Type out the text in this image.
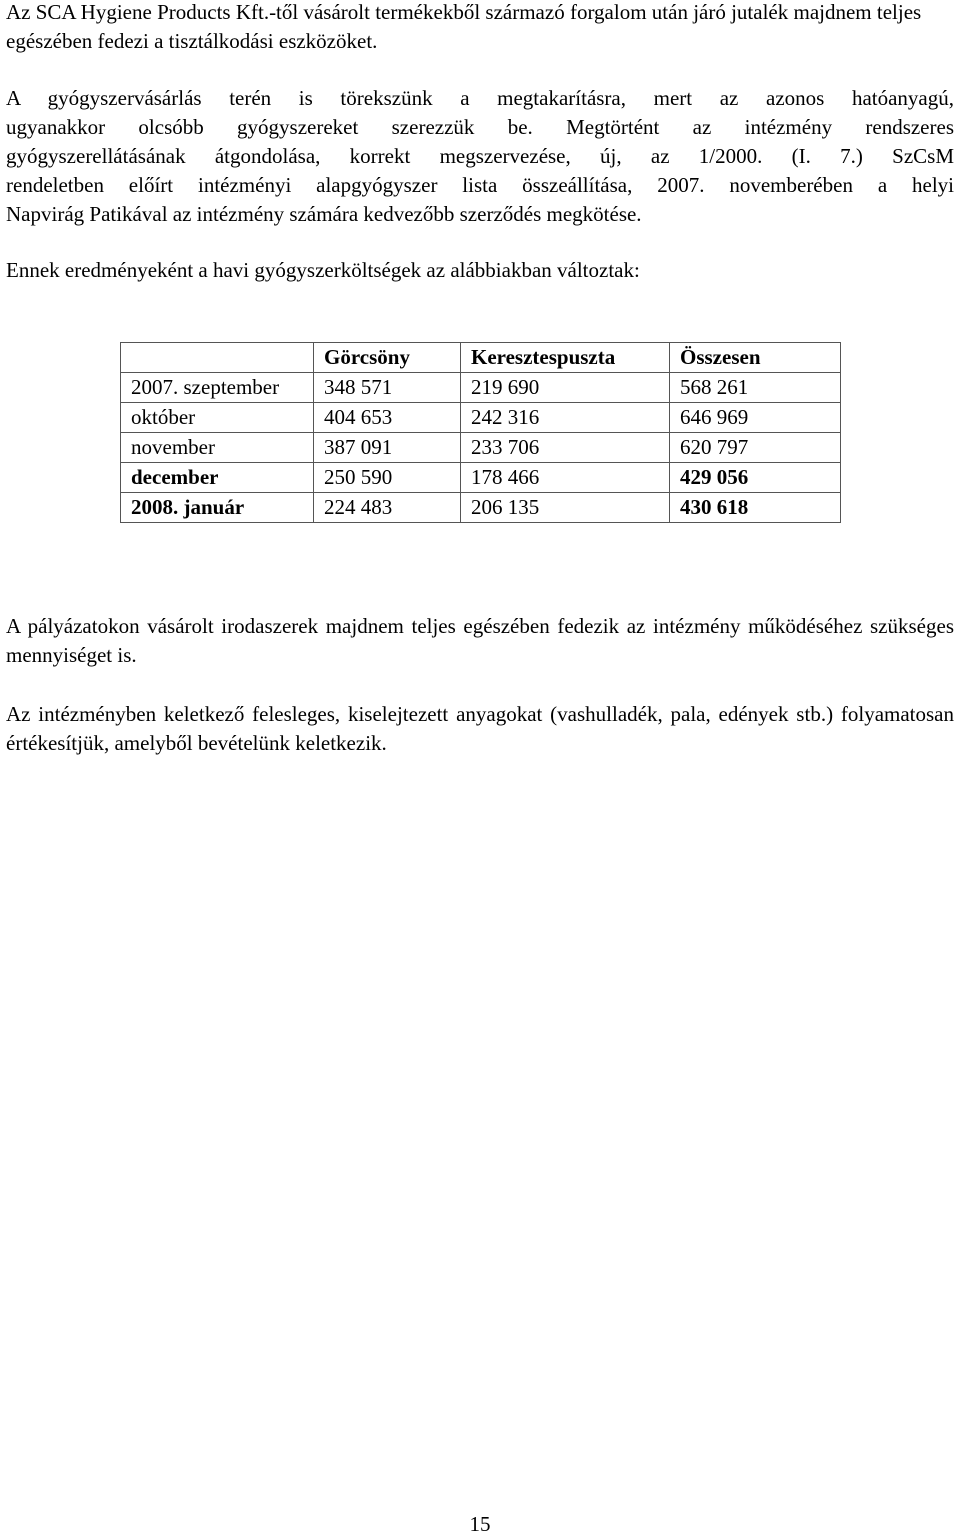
Az SCA Hygiene Products Kft.-től vásárolt termékekből származó forgalom után járó jutalék majdnem teljes egészében fedezi a tisztálkodási eszközöket.

A gyógyszervásárlás terén is törekszünk a megtakarításra, mert az azonos hatóanyagú,

ugyanakkor olcsóbb gyógyszereket szerezzük be. Megtörtént az intézmény rendszeres

gyógyszerellátásának átgondolása, korrekt megszervezése, új, az 1/2000. (I. 7.) SzCsM

rendeletben előírt intézményi alapgyógyszer lista összeállítása, 2007. novemberében a helyi

Napvirág Patikával az intézmény számára kedvezőbb szerződés megkötése.

Ennek eredményeként a havi gyógyszerköltségek az alábbiakban változtak:

	Görcsöny	Keresztespuszta	Összesen
2007. szeptember	348 571	219 690	568 261
október	404 653	242 316	646 969
november	387 091	233 706	620 797
december	250 590	178 466	429 056
2008. január	224 483	206 135	430 618

A pályázatokon vásárolt irodaszerek majdnem teljes egészében fedezik az intézmény működéséhez szükséges mennyiséget is.

Az intézményben keletkező felesleges, kiselejtezett anyagokat (vashulladék, pala, edények stb.) folyamatosan értékesítjük, amelyből bevételünk keletkezik.

15
